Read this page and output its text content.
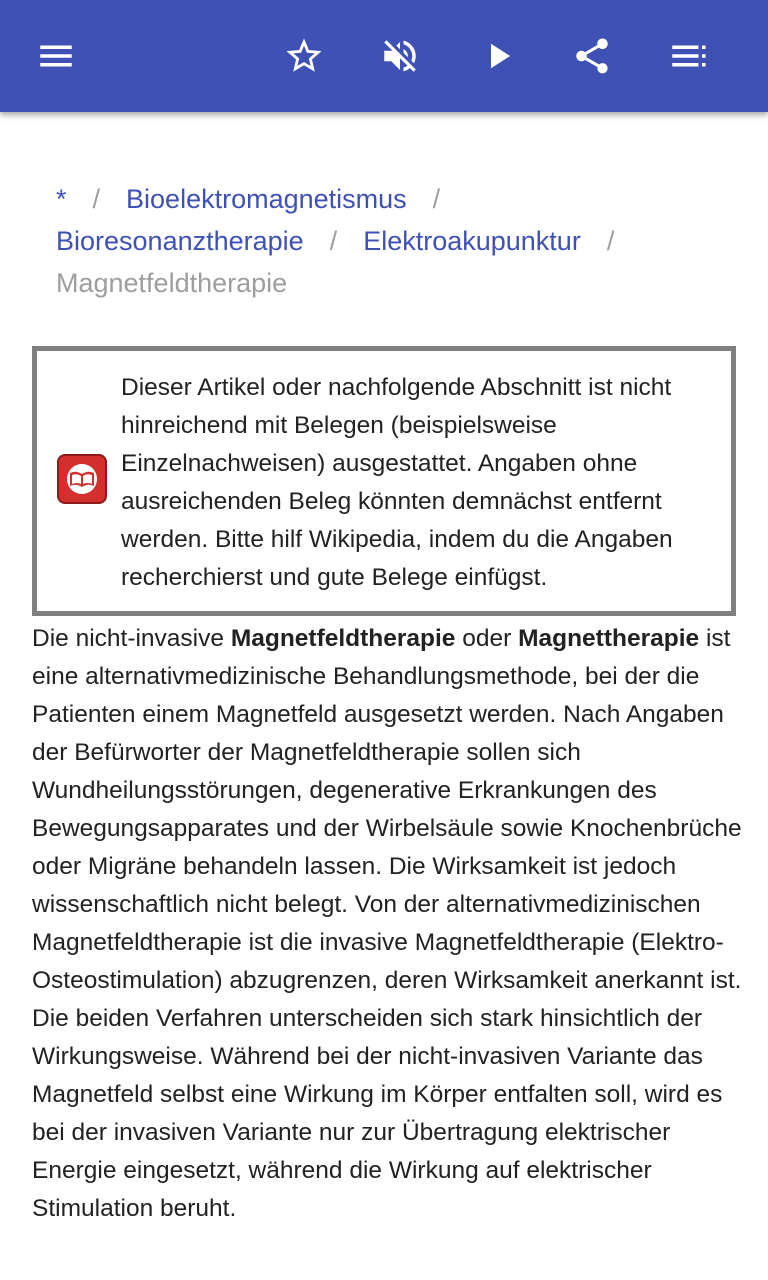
* / Bioelektromagnetismus /
Bioresonanztherapie / Elektroakupunktur /
Magnetfeldtherapie
Dieser Artikel oder nachfolgende Abschnitt ist nicht hinreichend mit Belegen (beispielsweise Einzelnachweisen) ausgestattet. Angaben ohne ausreichenden Beleg könnten demnächst entfernt werden. Bitte hilf Wikipedia, indem du die Angaben recherchierst und gute Belege einfügst.
Die nicht-invasive Magnetfeldtherapie oder Magnettherapie ist eine alternativmedizinische Behandlungsmethode, bei der die Patienten einem Magnetfeld ausgesetzt werden. Nach Angaben der Befürworter der Magnetfeldtherapie sollen sich Wundheilungsstörungen, degenerative Erkrankungen des Bewegungsapparates und der Wirbelsäule sowie Knochenbrüche oder Migräne behandeln lassen. Die Wirksamkeit ist jedoch wissenschaftlich nicht belegt. Von der alternativmedizinischen Magnetfeldtherapie ist die invasive Magnetfeldtherapie (Elektro-Osteostimulation) abzugrenzen, deren Wirksamkeit anerkannt ist. Die beiden Verfahren unterscheiden sich stark hinsichtlich der Wirkungsweise. Während bei der nicht-invasiven Variante das Magnetfeld selbst eine Wirkung im Körper entfalten soll, wird es bei der invasiven Variante nur zur Übertragung elektrischer Energie eingesetzt, während die Wirkung auf elektrischer Stimulation beruht.
